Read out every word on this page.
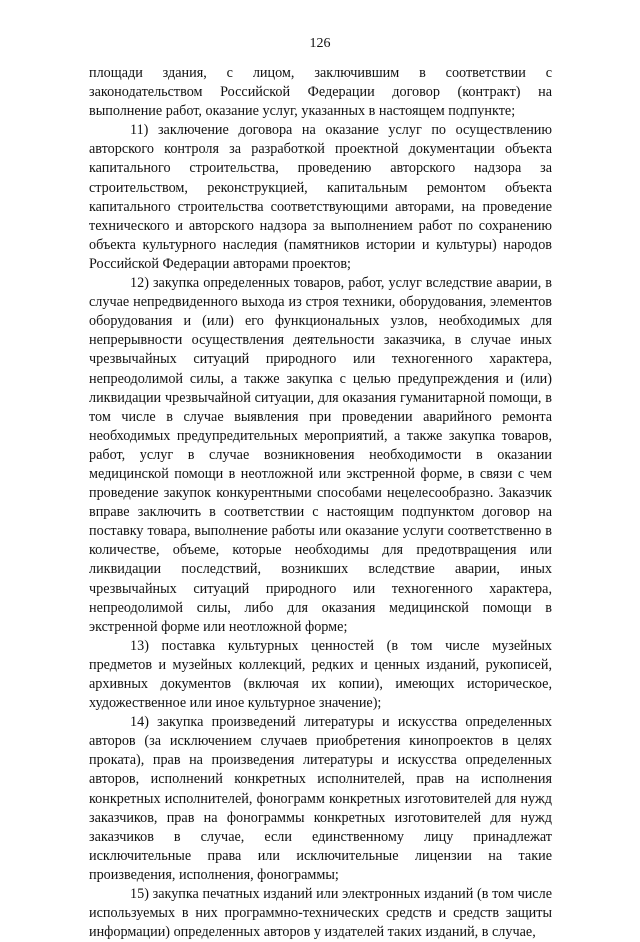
126

площади здания, с лицом, заключившим в соответствии с законодательством Российской Федерации договор (контракт) на выполнение работ, оказание услуг, указанных в настоящем подпункте;

11) заключение договора на оказание услуг по осуществлению авторского контроля за разработкой проектной документации объекта капитального строительства, проведению авторского надзора за строительством, реконструкцией, капитальным ремонтом объекта капитального строительства соответствующими авторами, на проведение технического и авторского надзора за выполнением работ по сохранению объекта культурного наследия (памятников истории и культуры) народов Российской Федерации авторами проектов;

12) закупка определенных товаров, работ, услуг вследствие аварии, в случае непредвиденного выхода из строя техники, оборудования, элементов оборудования и (или) его функциональных узлов, необходимых для непрерывности осуществления деятельности заказчика, в случае иных чрезвычайных ситуаций природного или техногенного характера, непреодолимой силы, а также закупка с целью предупреждения и (или) ликвидации чрезвычайной ситуации, для оказания гуманитарной помощи, в том числе в случае выявления при проведении аварийного ремонта необходимых предупредительных мероприятий, а также закупка товаров, работ, услуг в случае возникновения необходимости в оказании медицинской помощи в неотложной или экстренной форме, в связи с чем проведение закупок конкурентными способами нецелесообразно. Заказчик вправе заключить в соответствии с настоящим подпунктом договор на поставку товара, выполнение работы или оказание услуги соответственно в количестве, объеме, которые необходимы для предотвращения или ликвидации последствий, возникших вследствие аварии, иных чрезвычайных ситуаций природного или техногенного характера, непреодолимой силы, либо для оказания медицинской помощи в экстренной форме или неотложной форме;

13) поставка культурных ценностей (в том числе музейных предметов и музейных коллекций, редких и ценных изданий, рукописей, архивных документов (включая их копии), имеющих историческое, художественное или иное культурное значение);

14) закупка произведений литературы и искусства определенных авторов (за исключением случаев приобретения кинопроектов в целях проката), прав на произведения литературы и искусства определенных авторов, исполнений конкретных исполнителей, прав на исполнения конкретных исполнителей, фонограмм конкретных изготовителей для нужд заказчиков, прав на фонограммы конкретных изготовителей для нужд заказчиков в случае, если единственному лицу принадлежат исключительные права или исключительные лицензии на такие произведения, исполнения, фонограммы;

15) закупка печатных изданий или электронных изданий (в том числе используемых в них программно-технических средств и средств защиты информации) определенных авторов у издателей таких изданий, в случае,
